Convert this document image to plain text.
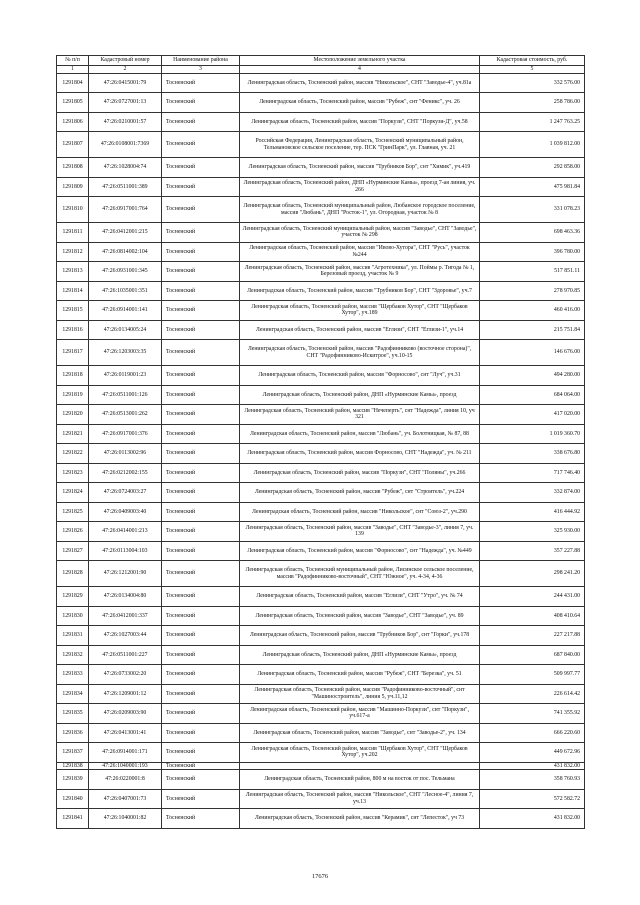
№ п/п	Кадастровый номер	Наименование района	Местоположение земельного участка	Кадастровая стоимость, руб.
1	2	3	4	5
1291804	47:26:0415001:79	Тосненский	Ленинградская область, Тосненский район, массив "Никольское", СНТ "Заводье-4", уч.81а	332 576.00
1291805	47:26:0727001:13	Тосненский	Ленинградская область, Тосненский район, массив "Рубеж", снт "Феникс", уч. 26	258 786.00
1291806	47:26:0210001:57	Тосненский	Ленинградская область, Тосненский район, массив "Поркузи", СНТ "Поркузи-Д", уч.58	1 247 763.25
1291807	47:26:0108001:7369	Тосненский	Российская Федерация, Ленинградская область, Тосненский муниципальный район, Тельмановское сельское поселение, тер. ПСК "ГринПарк", ул. Главная, уч. 21	1 039 812.00
1291808	47:26:1028004:74	Тосненский	Ленинградская область, Тосненский район, массив "Трубников Бор", снт "Химик", уч.419	292 858.00
1291809	47:26:0511001:389	Тосненский	Ленинградская область, Тосненский район, ДНП «Нурминские Камы», проезд 7-ая линия, уч. 266	475 981.84
1291810	47:26:0917001:764	Тосненский	Ленинградская область, Тосненский муниципальный район, Любанское городское поселение, массив "Любань", ДНП "Росток-1", ул. Огородная, участок № 8	331 078.23
1291811	47:26:0412001:215	Тосненский	Ленинградская область, Тосненский муниципальный район, массив "Заводье", СНТ "Заводье", участок № 298	698 463.36
1291812	47:26:0814002:104	Тосненский	Ленинградская область, Тосненский район, массив "Ивово-Хутора", СНТ "Русь", участок №244	396 780.00
1291813	47:26:0931001:345	Тосненский	Ленинградская область, Тосненский район, массив "Агротехника", ул. Поймы р. Тигода № 1, Березовый проезд, участок № 9	517 851.11
1291814	47:26:1035001:351	Тосненский	Ленинградская область, Тосненский район, массив "Трубников Бор", СНТ "Здоровье", уч.7	278 970.85
1291815	47:26:0914001:141	Тосненский	Ленинградская область, Тосненский район, массив "Щербаков Хутор", СНТ "Щербаков Хутор", уч.189	460 416.00
1291816	47:26:0134005:24	Тосненский	Ленинградская область, Тосненский район, массив "Еглизи", СНТ "Еглизи-1", уч.14	215 751.84
1291817	47:26:1203003:35	Тосненский	Ленинградская область, Тосненский район, массив "Радофинниково (восточное сторона)", СНТ "Радофинниково-Искитрое", уч.10-15	146 676.00
1291818	47:26:0119001:23	Тосненский	Ленинградская область, Тосненский район, массив "Форносово", снт "Луч", уч.31	494 280.00
1291819	47:26:0511001:126	Тосненский	Ленинградская область, Тосненский район, ДНП «Нурминские Камы», проезд	684 064.00
1291820	47:26:0513001:262	Тосненский	Ленинградская область, Тосненский район, массив "Нечеперть", снт "Надежда", линия 10, уч 321	417 020.00
1291821	47:26:0917001:376	Тосненский	Ленинградская область, Тосненский район, массив "Любань", уч. Болотницкая, № 87, 88	1 019 360.70
1291822	47:26:0113002:96	Тосненский	Ленинградская область, Тосненский район, массив Форносово, СНТ "Надежда", уч. № 211	338 676.80
1291823	47:26:0212002:155	Тосненский	Ленинградская область, Тосненский район, массив "Поркузи", СНТ "Поляны", уч.266	717 746.40
1291824	47:26:0724003:27	Тосненский	Ленинградская область, Тосненский район, массив "Рубеж", снт "Строитель", уч.224	332 874.00
1291825	47:26:0409003:40	Тосненский	Ленинградская область, Тосненский район, массив "Никольское", снт "Союз-2", уч.290	416 444.92
1291826	47:26:0414001:213	Тосненский	Ленинградская область, Тосненский район, массив "Заводье", СНТ "Заводье-3", линия 7, уч. 139	325 930.00
1291827	47:26:0113004:103	Тосненский	Ленинградская область, Тосненский район, массив "Форносово", снт "Надежда", уч. №449	357 227.88
1291828	47:26:1212001:90	Тосненский	Ленинградская область, Тосненский муниципальный район, Лисинское сельское поселение, массив "Радофинниково-восточный", СНТ "Южное", уч. 4-34, 4-36	298 241.20
1291829	47:26:0134004:80	Тосненский	Ленинградская область, Тосненский район, массив "Еглизи", СНТ "Утро", уч. № 74	244 431.00
1291830	47:26:0412001:337	Тосненский	Ленинградская область, Тосненский район, массив "Заводье", СНТ "Заводье", уч. 89	408 410.64
1291831	47:26:1027003:44	Тосненский	Ленинградская область, Тосненский район, массив "Трубников Бор", снт "Горки", уч.178	227 217.88
1291832	47:26:0511001:227	Тосненский	Ленинградская область, Тосненский район, ДНП «Нурминские Камы», проезд	687 840.00
1291833	47:26:0733002:20	Тосненский	Ленинградская область, Тосненский район, массив "Рубеж", СНТ "Березка", уч. 51	509 997.77
1291834	47:26:1209001:12	Тосненский	Ленинградская область, Тосненский район, массив "Радофинниково-восточный", снт "Машиностроитель", линия 5, уч.11,12	226 614.42
1291835	47:26:0209003:90	Тосненский	Ленинградская область, Тосненский район, массив "Машинно-Поркузи", снт "Поркузи", уч.617-а	741 355.92
1291836	47:26:0413001:41	Тосненский	Ленинградская область, Тосненский район, массив "Заводье", снт "Заводье-2", уч. 134	666 220.60
1291837	47:26:0914001:171	Тосненский	Ленинградская область, Тосненский район, массив "Щербаков Хутор", СНТ "Щербаков Хутор", уч.202	449 672.96
1291838	47:26:1040001:193	Тосненский		431 832.00
1291839	47:26:0220001:8	Тосненский	Ленинградская область, Тосненский район, 800 м на восток от пос. Тельмана	358 760.93
1291840	47:26:0407001:73	Тосненский	Ленинградская область, Тосненский район, массив "Никольское", СНТ "Лесное-4", линия 7, уч.13	572 582.72
1291841	47:26:1040001:82	Тосненский	Ленинградская область, Тосненский район, массив "Керамик", снт "Лепесток", уч 73	431 832.00
17676
